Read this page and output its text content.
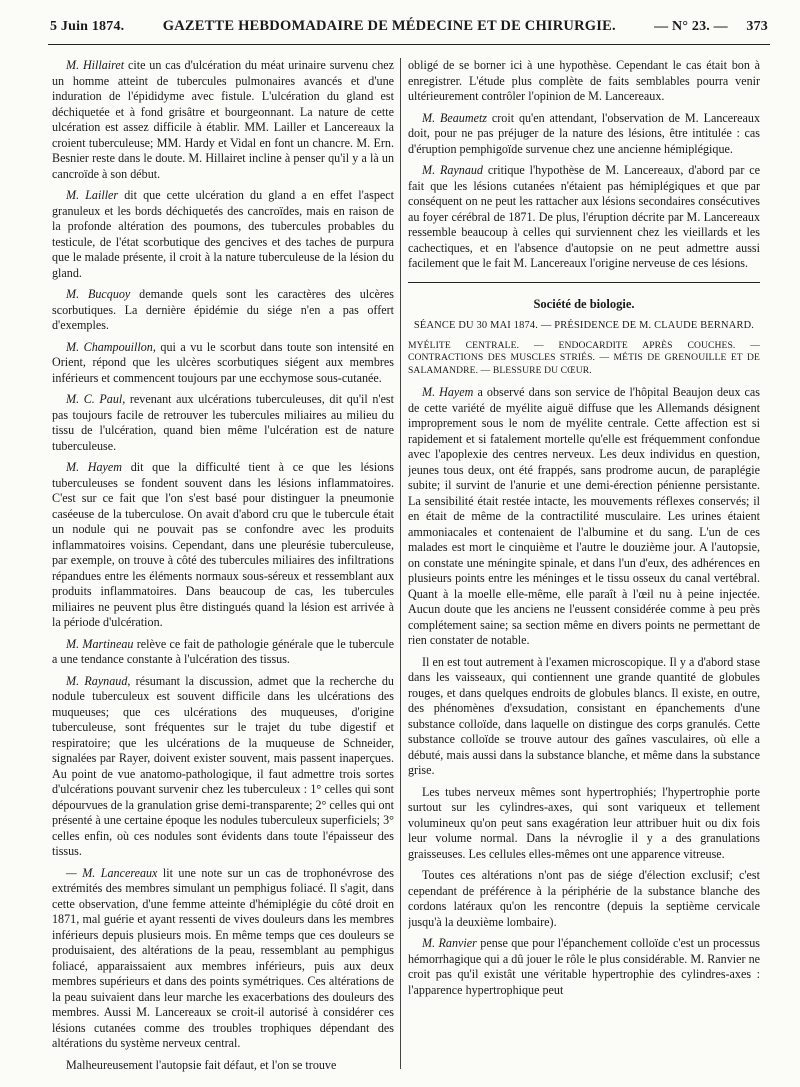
5 Juin 1874.	GAZETTE HEBDOMADAIRE DE MÉDECINE ET DE CHIRURGIE.	— N° 23. — 373

M. Hillairet cite un cas d'ulcération du méat urinaire survenu chez un homme atteint de tubercules pulmonaires avancés et d'une induration de l'épididyme avec fistule. L'ulcération du gland est déchiquetée et à fond grisâtre et bourgeonnant. La nature de cette ulcération est assez difficile à établir. MM. Lailler et Lancereaux la croient tuberculeuse; MM. Hardy et Vidal en font un chancre. M. Ern. Besnier reste dans le doute. M. Hillairet incline à penser qu'il y a là un cancroïde à son début.

M. Lailler dit que cette ulcération du gland a en effet l'aspect granuleux et les bords déchiquetés des cancroïdes, mais en raison de la profonde altération des poumons, des tubercules probables du testicule, de l'état scorbutique des gencives et des taches de purpura que le malade présente, il croit à la nature tuberculeuse de la lésion du gland.

M. Bucquoy demande quels sont les caractères des ulcères scorbutiques. La dernière épidémie du siége n'en a pas offert d'exemples.

M. Champouillon, qui a vu le scorbut dans toute son intensité en Orient, répond que les ulcères scorbutiques siégent aux membres inférieurs et commencent toujours par une ecchymose sous-cutanée.

M. C. Paul, revenant aux ulcérations tuberculeuses, dit qu'il n'est pas toujours facile de retrouver les tubercules miliaires au milieu du tissu de l'ulcération, quand bien même l'ulcération est de nature tuberculeuse.

M. Hayem dit que la difficulté tient à ce que les lésions tuberculeuses se fondent souvent dans les lésions inflammatoires. C'est sur ce fait que l'on s'est basé pour distinguer la pneumonie caséeuse de la tuberculose. On avait d'abord cru que le tubercule était un nodule qui ne pouvait pas se confondre avec les produits inflammatoires voisins. Cependant, dans une pleurésie tuberculeuse, par exemple, on trouve à côté des tubercules miliaires des infiltrations répandues entre les éléments normaux sous-séreux et ressemblant aux produits inflammatoires. Dans beaucoup de cas, les tubercules miliaires ne peuvent plus être distingués quand la lésion est arrivée à la période d'ulcération.

M. Martineau relève ce fait de pathologie générale que le tubercule a une tendance constante à l'ulcération des tissus.

M. Raynaud, résumant la discussion, admet que la recherche du nodule tuberculeux est souvent difficile dans les ulcérations des muqueuses; que ces ulcérations des muqueuses, d'origine tuberculeuse, sont fréquentes sur le trajet du tube digestif et respiratoire; que les ulcérations de la muqueuse de Schneider, signalées par Rayer, doivent exister souvent, mais passent inaperçues. Au point de vue anatomo-pathologique, il faut admettre trois sortes d'ulcérations pouvant survenir chez les tuberculeux : 1° celles qui sont dépourvues de la granulation grise demi-transparente; 2° celles qui ont présenté à une certaine époque les nodules tuberculeux superficiels; 3° celles enfin, où ces nodules sont évidents dans toute l'épaisseur des tissus.

— M. Lancereaux lit une note sur un cas de trophonévrose des extrémités des membres simulant un pemphigus foliacé. Il s'agit, dans cette observation, d'une femme atteinte d'hémiplégie du côté droit en 1871, mal guérie et ayant ressenti de vives douleurs dans les membres inférieurs depuis plusieurs mois. En même temps que ces douleurs se produisaient, des altérations de la peau, ressemblant au pemphigus foliacé, apparaissaient aux membres inférieurs, puis aux deux membres supérieurs et dans des points symétriques. Ces altérations de la peau suivaient dans leur marche les exacerbations des douleurs des membres. Aussi M. Lancereaux se croit-il autorisé à considérer ces lésions cutanées comme des troubles trophiques dépendant des altérations du système nerveux central.

Malheureusement l'autopsie fait défaut, et l'on se trouve

obligé de se borner ici à une hypothèse. Cependant le cas était bon à enregistrer. L'étude plus complète de faits semblables pourra venir ultérieurement contrôler l'opinion de M. Lancereaux.

M. Beaumetz croit qu'en attendant, l'observation de M. Lancereaux doit, pour ne pas préjuger de la nature des lésions, être intitulée : cas d'éruption pemphigoïde survenue chez une ancienne hémiplégique.

M. Raynaud critique l'hypothèse de M. Lancereaux, d'abord par ce fait que les lésions cutanées n'étaient pas hémiplégiques et que par conséquent on ne peut les rattacher aux lésions secondaires consécutives au foyer cérébral de 1871. De plus, l'éruption décrite par M. Lancereaux ressemble beaucoup à celles qui surviennent chez les vieillards et les cachectiques, et en l'absence d'autopsie on ne peut admettre aussi facilement que le fait M. Lancereaux l'origine nerveuse de ces lésions.

Société de biologie.
SÉANCE DU 30 MAI 1874. — PRÉSIDENCE DE M. CLAUDE BERNARD.
MYÉLITE CENTRALE. — ENDOCARDITE APRÈS COUCHES. — CONTRACTIONS DES MUSCLES STRIÉS. — MÉTIS DE GRENOUILLE ET DE SALAMANDRE. — BLESSURE DU CŒUR.

M. Hayem a observé dans son service de l'hôpital Beaujon deux cas de cette variété de myélite aiguë diffuse que les Allemands désignent improprement sous le nom de myélite centrale. Cette affection est si rapidement et si fatalement mortelle qu'elle est fréquemment confondue avec l'apoplexie des centres nerveux. Les deux individus en question, jeunes tous deux, ont été frappés, sans prodrome aucun, de paraplégie subite; il survint de l'anurie et une demi-érection pénienne persistante. La sensibilité était restée intacte, les mouvements réflexes conservés; il en était de même de la contractilité musculaire. Les urines étaient ammoniacales et contenaient de l'albumine et du sang. L'un de ces malades est mort le cinquième et l'autre le douzième jour. A l'autopsie, on constate une méningite spinale, et dans l'un d'eux, des adhérences en plusieurs points entre les méninges et le tissu osseux du canal vertébral. Quant à la moelle elle-même, elle paraît à l'œil nu à peine injectée. Aucun doute que les anciens ne l'eussent considérée comme à peu près complétement saine; sa section même en divers points ne permettant de rien constater de notable.

Il en est tout autrement à l'examen microscopique. Il y a d'abord stase dans les vaisseaux, qui contiennent une grande quantité de globules rouges, et dans quelques endroits de globules blancs. Il existe, en outre, des phénomènes d'exsudation, consistant en épanchements d'une substance colloïde, dans laquelle on distingue des corps granulés. Cette substance colloïde se trouve autour des gaînes vasculaires, où elle a débuté, mais aussi dans la substance blanche, et même dans la substance grise.

Les tubes nerveux mêmes sont hypertrophiés; l'hypertrophie porte surtout sur les cylindres-axes, qui sont variqueux et tellement volumineux qu'on peut sans exagération leur attribuer huit ou dix fois leur volume normal. Dans la névroglie il y a des granulations graisseuses. Les cellules elles-mêmes ont une apparence vitreuse.

Toutes ces altérations n'ont pas de siége d'élection exclusif; c'est cependant de préférence à la périphérie de la substance blanche des cordons latéraux qu'on les rencontre (depuis la septième cervicale jusqu'à la deuxième lombaire).

M. Ranvier pense que pour l'épanchement colloïde c'est un processus hémorrhagique qui a dû jouer le rôle le plus considérable. M. Ranvier ne croit pas qu'il existât une véritable hypertrophie des cylindres-axes : l'apparence hypertrophique peut
